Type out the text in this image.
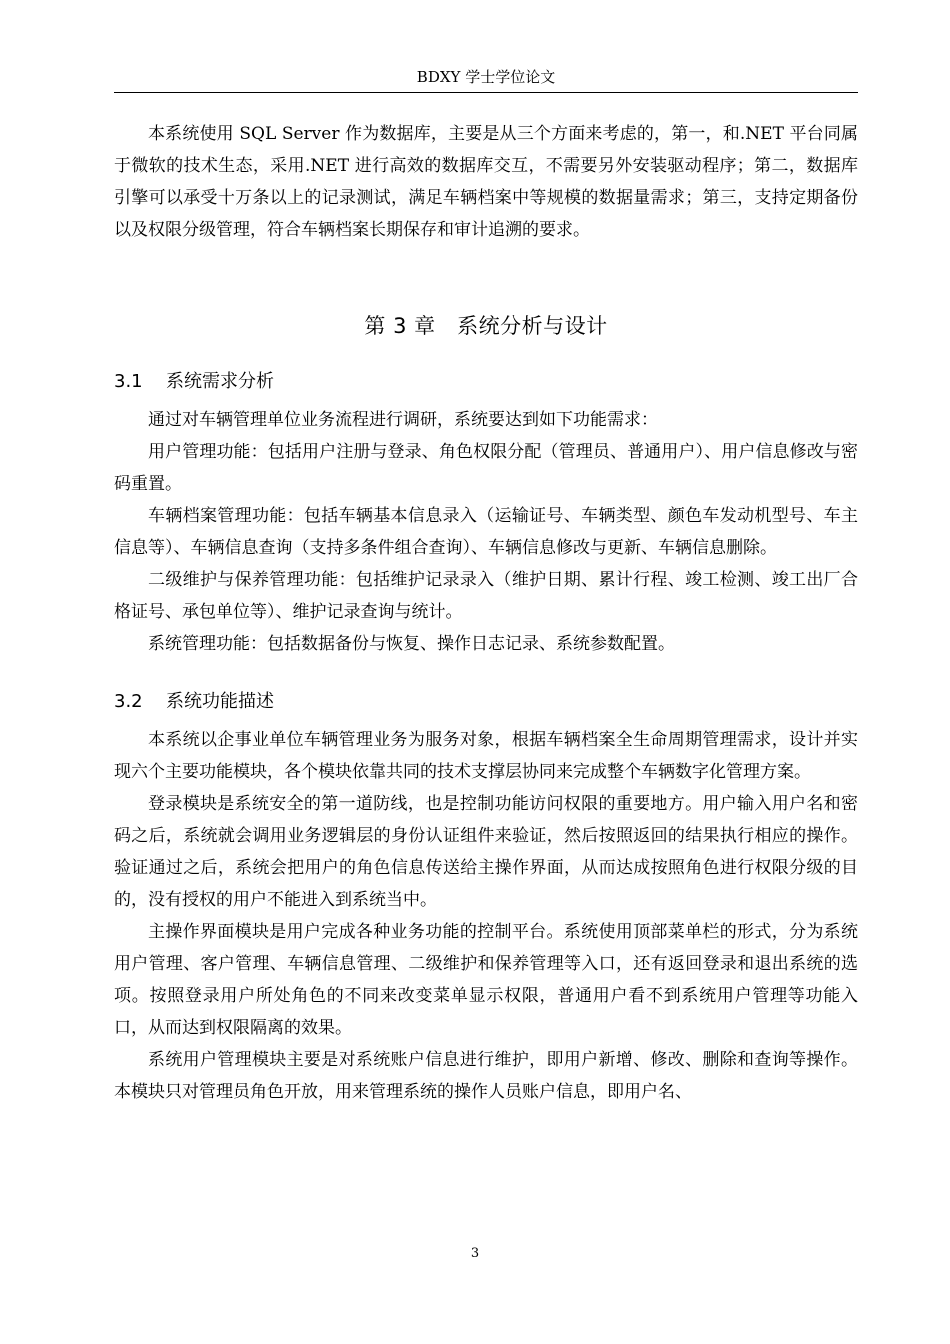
BDXY 学士学位论文

本系统使用 SQL Server 作为数据库，主要是从三个方面来考虑的，第一，和.NET 平台同属于微软的技术生态，采用.NET 进行高效的数据库交互，不需要另外安装驱动程序；第二，数据库引擎可以承受十万条以上的记录测试，满足车辆档案中等规模的数据量需求；第三，支持定期备份以及权限分级管理，符合车辆档案长期保存和审计追溯的要求。

第 3 章　系统分析与设计
3.1 系统需求分析

通过对车辆管理单位业务流程进行调研，系统要达到如下功能需求：

用户管理功能：包括用户注册与登录、角色权限分配（管理员、普通用户）、用户信息修改与密码重置。

车辆档案管理功能：包括车辆基本信息录入（运输证号、车辆类型、颜色车发动机型号、车主信息等）、车辆信息查询（支持多条件组合查询）、车辆信息修改与更新、车辆信息删除。

二级维护与保养管理功能：包括维护记录录入（维护日期、累计行程、竣工检测、竣工出厂合格证号、承包单位等）、维护记录查询与统计。

系统管理功能：包括数据备份与恢复、操作日志记录、系统参数配置。

3.2 系统功能描述

本系统以企事业单位车辆管理业务为服务对象，根据车辆档案全生命周期管理需求，设计并实现六个主要功能模块，各个模块依靠共同的技术支撑层协同来完成整个车辆数字化管理方案。

登录模块是系统安全的第一道防线，也是控制功能访问权限的重要地方。用户输入用户名和密码之后，系统就会调用业务逻辑层的身份认证组件来验证，然后按照返回的结果执行相应的操作。验证通过之后，系统会把用户的角色信息传送给主操作界面，从而达成按照角色进行权限分级的目的，没有授权的用户不能进入到系统当中。

主操作界面模块是用户完成各种业务功能的控制平台。系统使用顶部菜单栏的形式，分为系统用户管理、客户管理、车辆信息管理、二级维护和保养管理等入口，还有返回登录和退出系统的选项。按照登录用户所处角色的不同来改变菜单显示权限，普通用户看不到系统用户管理等功能入口，从而达到权限隔离的效果。

系统用户管理模块主要是对系统账户信息进行维护，即用户新增、修改、删除和查询等操作。本模块只对管理员角色开放，用来管理系统的操作人员账户信息，即用户名、

3
